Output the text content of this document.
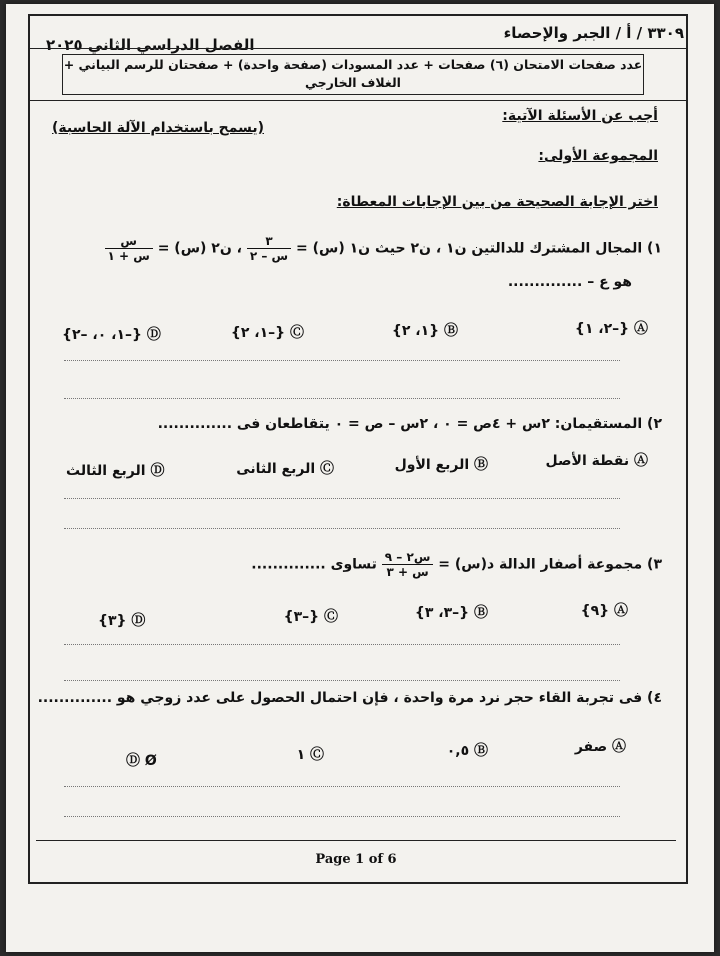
٣٣٠٩ / أ / الجبر والإحصاء
الفصل الدراسي الثاني ٢٠٢٥
عدد صفحات الامتحان (٦) صفحات + عدد المسودات (صفحة واحدة) + صفحتان للرسم البياني + الغلاف الخارجي
أجب عن الأسئلة الآتية:
(يسمح باستخدام الآلة الحاسبة)
المجموعة الأولى:
اختر الإجابة الصحيحة من بين الإجابات المعطاة:
١) المجال المشترك للدالتين ن١ ، ن٢ حيث ن١ (س) =
$\frac{٣}{\text{س – ٢}}$
، ن٢ (س) =
$\frac{\text{س}}{\text{س + ١}}$
هو ع – ..............
Ⓐ {–٢، ١}
Ⓑ {١، ٢}
Ⓒ {–١، ٢}
Ⓓ {–١، ٠، –٢}
٢) المستقيمان: ٢س + ٤ص = ٠ ، ٢س – ص = ٠ يتقاطعان فى ..............
Ⓐ نقطة الأصل
Ⓑ الربع الأول
Ⓒ الربع الثانى
Ⓓ الربع الثالث
٣) مجموعة أصفار الدالة د(س) =
$\frac{\text{س٢ – ٩}}{\text{س + ٣}}$
تساوى ..............
Ⓐ {٩}
Ⓑ {–٣، ٣}
Ⓒ {–٣}
Ⓓ {٣}
٤) فى تجربة القاء حجر نرد مرة واحدة ، فإن احتمال الحصول على عدد زوجي هو ..............
Ⓐ صفر
Ⓑ ٠,٥
Ⓒ ١
Ⓓ Ø
Page 1 of 6
